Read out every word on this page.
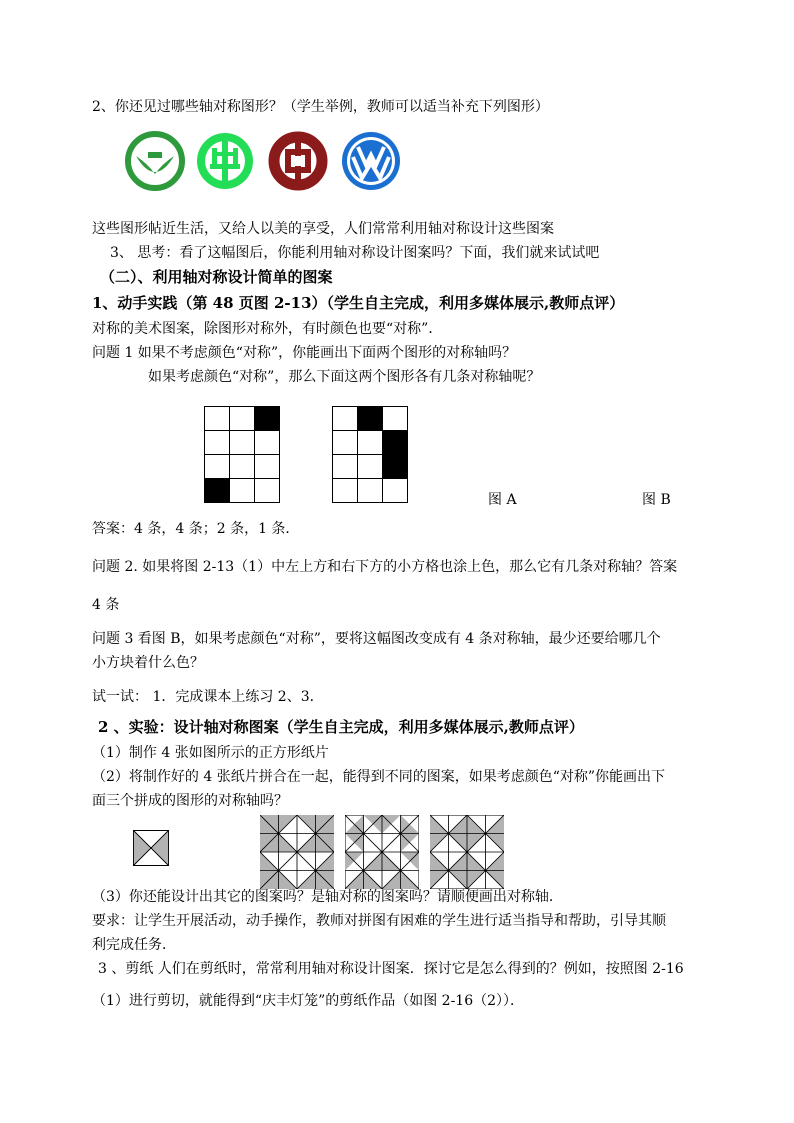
2、你还见过哪些轴对称图形？（学生举例，教师可以适当补充下列图形）
这些图形帖近生活，又给人以美的享受，人们常常利用轴对称设计这些图案
3、 思考：看了这幅图后，你能利用轴对称设计图案吗？下面，我们就来试试吧
（二）、利用轴对称设计简单的图案
1、动手实践（第 48 页图 2-13）（学生自主完成，利用多媒体展示,教师点评）
对称的美术图案，除图形对称外，有时颜色也要“对称”．
问题 1 如果不考虑颜色“对称”，你能画出下面两个图形的对称轴吗？
如果考虑颜色“对称”，那么下面这两个图形各有几条对称轴呢？
图 A	图 B
答案：4 条，4 条；2 条，1 条．
问题 2. 如果将图 2-13（1）中左上方和右下方的小方格也涂上色，那么它有几条对称轴？答案
4 条
问题 3 看图 B，如果考虑颜色“对称”，要将这幅图改变成有 4 条对称轴，最少还要给哪几个
小方块着什么色？
试一试： 1．完成课本上练习 2、3．
2 、实验：设计轴对称图案（学生自主完成，利用多媒体展示,教师点评）
（1）制作 4 张如图所示的正方形纸片
（2）将制作好的 4 张纸片拼合在一起，能得到不同的图案，如果考虑颜色“对称”你能画出下
面三个拼成的图形的对称轴吗？
（3）你还能设计出其它的图案吗？是轴对称的图案吗？请顺便画出对称轴．
要求：让学生开展活动，动手操作，教师对拼图有困难的学生进行适当指导和帮助，引导其顺
利完成任务．
3 、剪纸 人们在剪纸时，常常利用轴对称设计图案．探讨它是怎么得到的？例如，按照图 2-16
（1）进行剪切，就能得到“庆丰灯笼”的剪纸作品（如图 2-16（2））．
